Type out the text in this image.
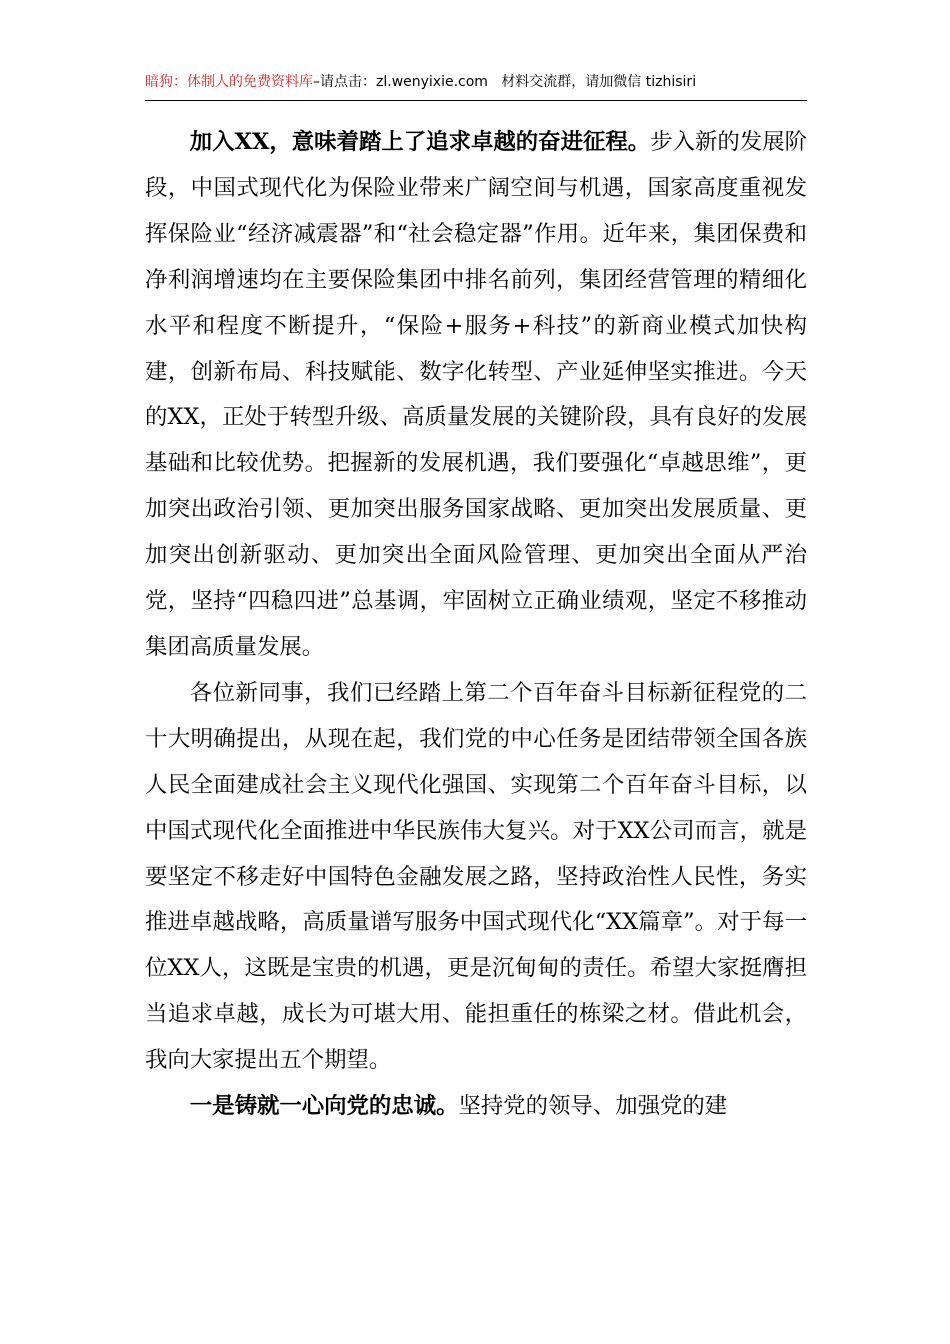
暗狗：体制人的免费资料库–请点击：zl.wenyixie.com 材料交流群，请加微信 tizhisiri

加入XX，意味着踏上了追求卓越的奋进征程。步入新的发展阶段，中国式现代化为保险业带来广阔空间与机遇，国家高度重视发挥保险业“经济减震器”和“社会稳定器”作用。近年来，集团保费和净利润增速均在主要保险集团中排名前列，集团经营管理的精细化水平和程度不断提升，“保险+服务+科技”的新商业模式加快构建，创新布局、科技赋能、数字化转型、产业延伸坚实推进。今天的XX，正处于转型升级、高质量发展的关键阶段，具有良好的发展基础和比较优势。把握新的发展机遇，我们要强化“卓越思维”，更加突出政治引领、更加突出服务国家战略、更加突出发展质量、更加突出创新驱动、更加突出全面风险管理、更加突出全面从严治党，坚持“四稳四进”总基调，牢固树立正确业绩观，坚定不移推动集团高质量发展。

各位新同事，我们已经踏上第二个百年奋斗目标新征程党的二十大明确提出，从现在起，我们党的中心任务是团结带领全国各族人民全面建成社会主义现代化强国、实现第二个百年奋斗目标，以中国式现代化全面推进中华民族伟大复兴。对于XX公司而言，就是要坚定不移走好中国特色金融发展之路，坚持政治性人民性，务实推进卓越战略，高质量谱写服务中国式现代化“XX篇章”。对于每一位XX人，这既是宝贵的机遇，更是沉甸甸的责任。希望大家挺膺担当追求卓越，成长为可堪大用、能担重任的栋梁之材。借此机会，我向大家提出五个期望。

一是铸就一心向党的忠诚。坚持党的领导、加强党的建
